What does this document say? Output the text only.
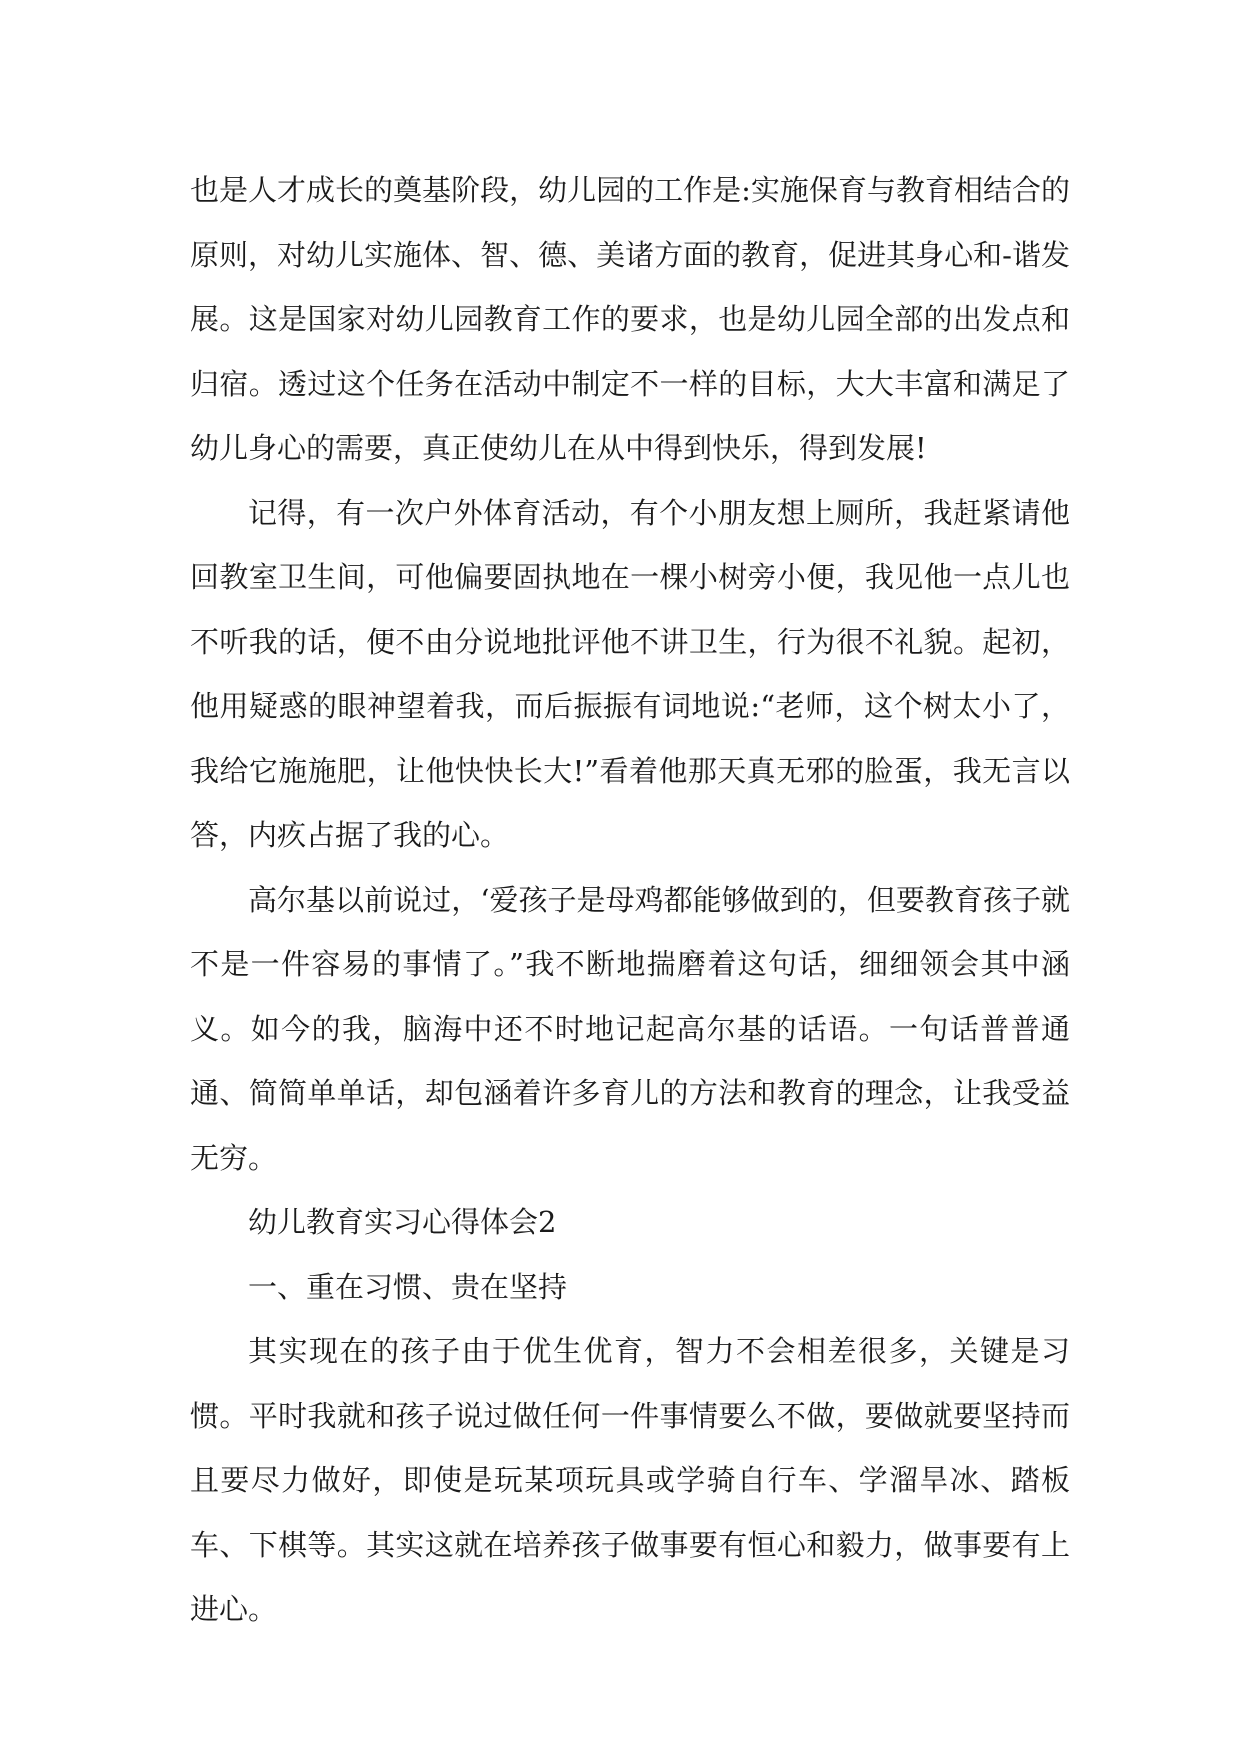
也是人才成长的奠基阶段，幼儿园的工作是:实施保育与教育相结合的原则，对幼儿实施体、智、德、美诸方面的教育，促进其身心和-谐发展。这是国家对幼儿园教育工作的要求，也是幼儿园全部的出发点和归宿。透过这个任务在活动中制定不一样的目标，大大丰富和满足了幼儿身心的需要，真正使幼儿在从中得到快乐，得到发展!

记得，有一次户外体育活动，有个小朋友想上厕所，我赶紧请他回教室卫生间，可他偏要固执地在一棵小树旁小便，我见他一点儿也不听我的话，便不由分说地批评他不讲卫生，行为很不礼貌。起初，他用疑惑的眼神望着我，而后振振有词地说:“老师，这个树太小了，我给它施施肥，让他快快长大!”看着他那天真无邪的脸蛋，我无言以答，内疚占据了我的心。

高尔基以前说过，‘爱孩子是母鸡都能够做到的，但要教育孩子就不是一件容易的事情了。”我不断地揣磨着这句话，细细领会其中涵义。如今的我，脑海中还不时地记起高尔基的话语。一句话普普通通、简简单单话，却包涵着许多育儿的方法和教育的理念，让我受益无穷。

幼儿教育实习心得体会2

一、重在习惯、贵在坚持

其实现在的孩子由于优生优育，智力不会相差很多，关键是习惯。平时我就和孩子说过做任何一件事情要么不做，要做就要坚持而且要尽力做好，即使是玩某项玩具或学骑自行车、学溜旱冰、踏板车、下棋等。其实这就在培养孩子做事要有恒心和毅力，做事要有上进心。
